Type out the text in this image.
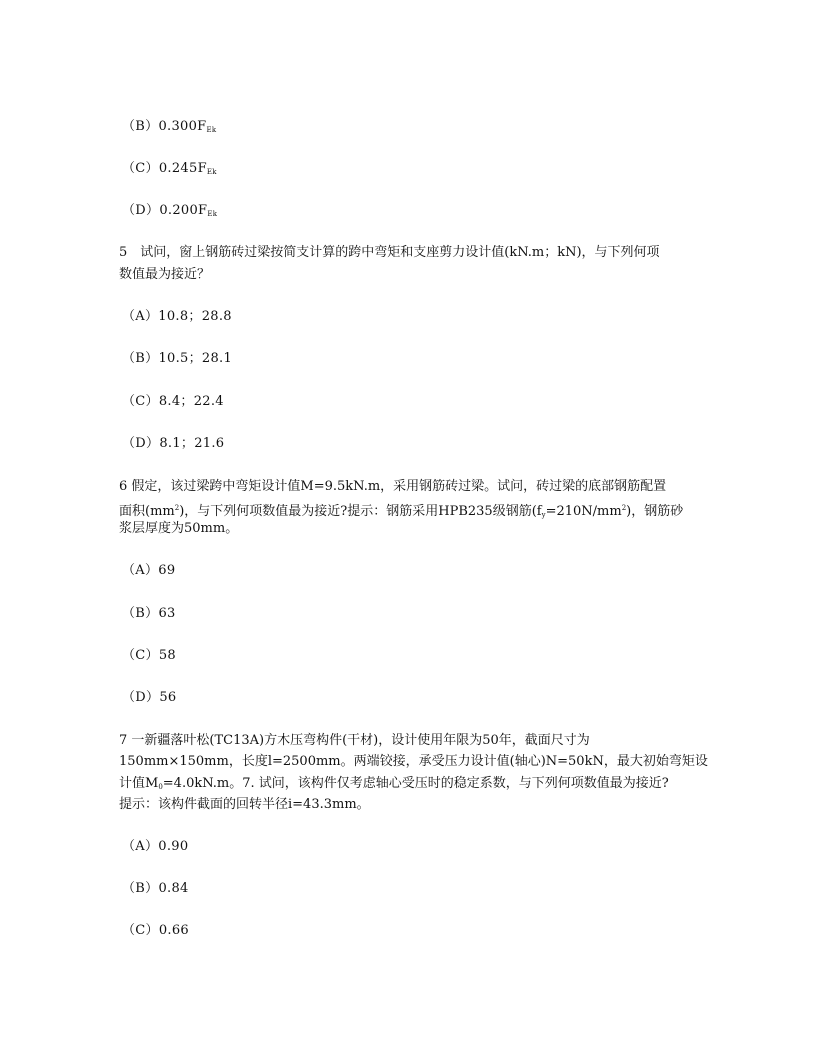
$(B)0.300F_{Ek}$
$(C)0.245F_{Ek}$
$(D)0.200F_{Ek}$
5　试问，窗上钢筋砖过梁按简支计算的跨中弯矩和支座剪力设计值(kN.m；kN)，与下列何项
数值最为接近？
（A）10.8；28.8
（B）10.5；28.1
（C）8.4；22.4
（D）8.1；21.6
6 假定，该过梁跨中弯矩设计值M=9.5kN.m，采用钢筋砖过梁。试问，砖过梁的底部钢筋配置
面积$(mm^2)$，与下列何项数值最为接近?提示：钢筋采用HPB235级钢筋$(f_y=210N/mm^2)$，钢筋砂
浆层厚度为50mm。
（A）69
（B）63
（C）58
（D）56
7 一新疆落叶松(TC13A)方木压弯构件(干材)，设计使用年限为50年，截面尺寸为
150mm×150mm，长度l=2500mm。两端铰接，承受压力设计值(轴心)N=50kN，最大初始弯矩设
计值$M_0=4.0kN.m$。7. 试问，该构件仅考虑轴心受压时的稳定系数，与下列何项数值最为接近?
提示：该构件截面的回转半径i=43.3mm。
（A）0.90
（B）0.84
（C）0.66
